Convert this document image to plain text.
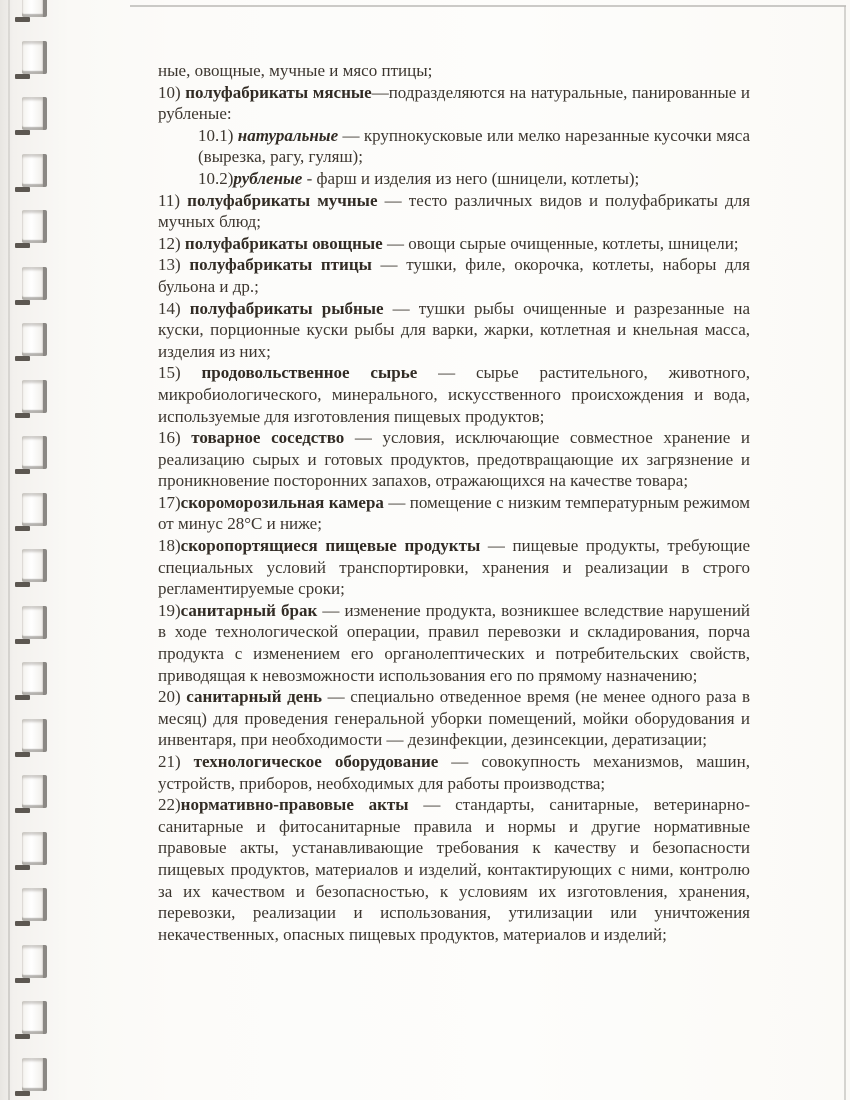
ные, овощные, мучные и мясо птицы;

10) полуфабрикаты мясные—подразделяются на натуральные, панированные и рубленые:

10.1) натуральные — крупнокусковые или мелко нарезанные кусочки мяса (вырезка, рагу, гуляш);

10.2)рубленые - фарш и изделия из него (шницели, котлеты);

11) полуфабрикаты мучные — тесто различных видов и полуфабрикаты для мучных блюд;

12) полуфабрикаты овощные — овощи сырые очищенные, котлеты, шницели;

13) полуфабрикаты птицы — тушки, филе, окорочка, котлеты, наборы для бульона и др.;

14) полуфабрикаты рыбные — тушки рыбы очищенные и разрезанные на куски, порционные куски рыбы для варки, жарки, котлетная и кнельная масса, изделия из них;

15) продовольственное сырье — сырье растительного, животного, микробиологического, минерального, искусственного происхождения и вода, используемые для изготовления пищевых продуктов;

16) товарное соседство — условия, исключающие совместное хранение и реализацию сырых и готовых продуктов, предотвращающие их загрязнение и проникновение посторонних запахов, отражающихся на качестве товара;

17)скороморозильная камера — помещение с низким температурным режимом от минус 28°С и ниже;

18)скоропортящиеся пищевые продукты — пищевые продукты, требующие специальных условий транспортировки, хранения и реализации в строго регламентируемые сроки;

19)санитарный брак — изменение продукта, возникшее вследствие нарушений в ходе технологической операции, правил перевозки и складирования, порча продукта с изменением его органолептических и потребительских свойств, приводящая к невозможности использования его по прямому назначению;

20) санитарный день — специально отведенное время (не менее одного раза в месяц) для проведения генеральной уборки помещений, мойки оборудования и инвентаря, при необходимости — дезинфекции, дезинсекции, дератизации;

21) технологическое оборудование — совокупность механизмов, машин, устройств, приборов, необходимых для работы производства;

22)нормативно-правовые акты — стандарты, санитарные, ветеринарно-санитарные и фитосанитарные правила и нормы и другие нормативные правовые акты, устанавливающие требования к качеству и безопасности пищевых продуктов, материалов и изделий, контактирующих с ними, контролю за их качеством и безопасностью, к условиям их изготовления, хранения, перевозки, реализации и использования, утилизации или уничтожения некачественных, опасных пищевых продуктов, материалов и изделий;
